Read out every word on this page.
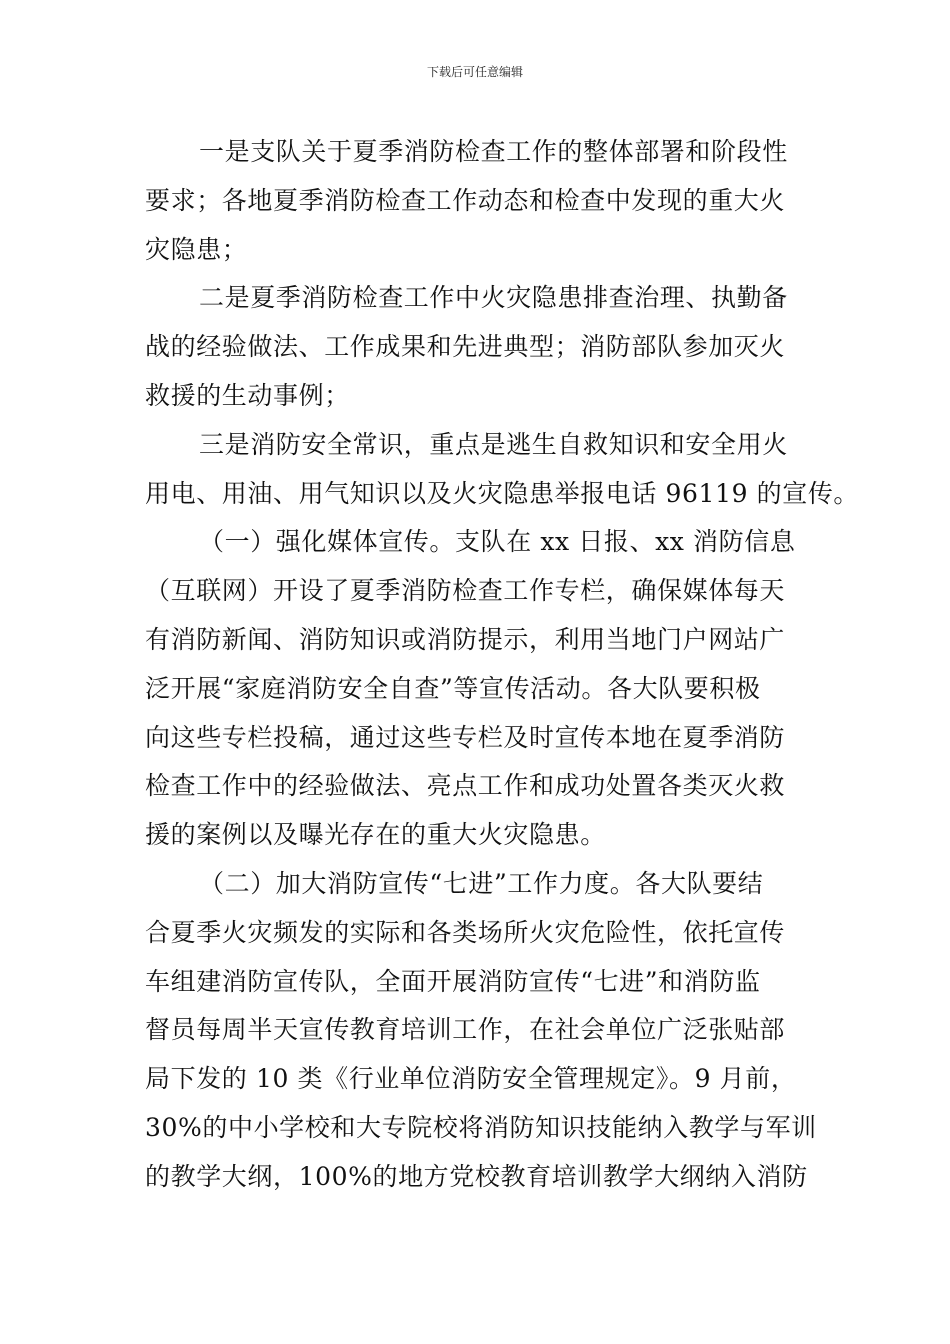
下载后可任意编辑
一是支队关于夏季消防检查工作的整体部署和阶段性
要求；各地夏季消防检查工作动态和检查中发现的重大火
灾隐患；
二是夏季消防检查工作中火灾隐患排查治理、执勤备
战的经验做法、工作成果和先进典型；消防部队参加灭火
救援的生动事例；
三是消防安全常识，重点是逃生自救知识和安全用火
用电、用油、用气知识以及火灾隐患举报电话 96119 的宣传。
（一）强化媒体宣传。支队在 xx 日报、xx 消防信息
（互联网）开设了夏季消防检查工作专栏，确保媒体每天
有消防新闻、消防知识或消防提示，利用当地门户网站广
泛开展“家庭消防安全自查”等宣传活动。各大队要积极
向这些专栏投稿，通过这些专栏及时宣传本地在夏季消防
检查工作中的经验做法、亮点工作和成功处置各类灭火救
援的案例以及曝光存在的重大火灾隐患。
（二）加大消防宣传“七进”工作力度。各大队要结
合夏季火灾频发的实际和各类场所火灾危险性，依托宣传
车组建消防宣传队，全面开展消防宣传“七进”和消防监
督员每周半天宣传教育培训工作，在社会单位广泛张贴部
局下发的 10 类《行业单位消防安全管理规定》。9 月前，
30%的中小学校和大专院校将消防知识技能纳入教学与军训
的教学大纲，100%的地方党校教育培训教学大纲纳入消防
